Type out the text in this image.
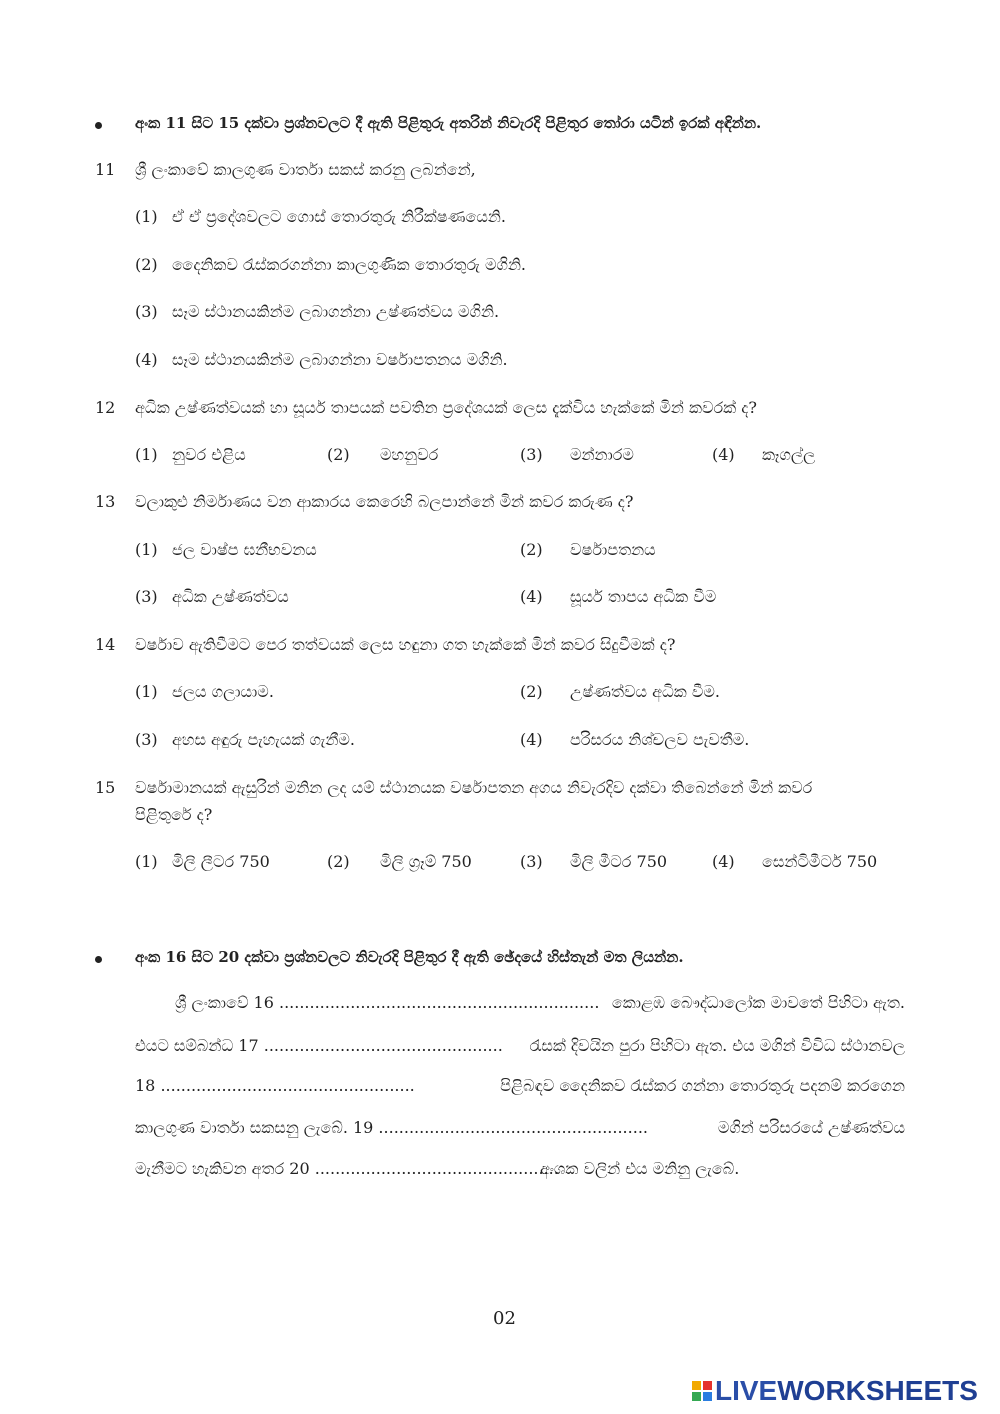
අංක 11 සිට 15 දක්වා ප්‍රශ්නවලට දී ඇති පිළිතුරු අතරින් නිවැරදි පිළිතුර තෝරා යටින් ඉරක් අඳින්න.
11 ශ්‍රී ලංකාවේ කාලගුණ වාර්තා සකස් කරනු ලබන්නේ,
(1) ඒ ඒ ප්‍රදේශවලට ගොස් තොරතුරු නිරීක්ෂණයෙනි.
(2) දෛනිකව රැස්කරගන්නා කාලගුණික තොරතුරු මගිනි.
(3) සෑම ස්ථානයකින්ම ලබාගන්නා උෂ්ණත්වය මගිනි.
(4) සෑම ස්ථානයකින්ම ලබාගන්නා වර්ෂාපතනය මගිනි.
12 අධික උෂ්ණත්වයක් හා සූර්ය තාපයක් පවතින ප්‍රදේශයක් ලෙස දැක්විය හැක්කේ මින් කවරක් ද?
(1) නුවර එළිය	(2) මහනුවර	(3) මන්නාරම	(4) කෑගල්ල
13 වලාකුළු නිර්මාණය වන ආකාරය කෙරෙහි බලපාන්නේ මින් කවර කරුණ ද?
(1) ජල වාෂ්ප ඝනීභවනය	(2) වර්ෂාපතනය
(3) අධික උෂ්ණත්වය	(4) සූර්ය තාපය අධික වීම
14 වර්ෂාව ඇතිවීමට පෙර තත්වයක් ලෙස හඳුනා ගත හැක්කේ මින් කවර සිදුවීමක් ද?
(1) ජලය ගලායාම.	(2) උෂ්ණත්වය අධික වීම.
(3) අහස අඳුරු පැහැයක් ගැනීම.	(4) පරිසරය නිශ්චලව පැවතීම.
15 වර්ෂාමානයක් ඇසුරින් මනින ලද යම් ස්ථානයක වර්ෂාපතන අගය නිවැරදිව දක්වා තිබෙන්නේ මින් කවර
පිළිතුරේ ද?
(1) මිලි ලීටර 750	(2) මිලි ග්‍රෑම් 750	(3) මිලි මීටර 750	(4) සෙන්ටිමීටර් 750
අංක 16 සිට 20 දක්වා ප්‍රශ්නවලට නිවැරදි පිළිතුර දී ඇති ඡේදයේ හිස්තැන් මත ලියන්න.
ශ්‍රී ලංකාවේ 16 ............................................................... කොළඹ බෞද්ධාලෝක මාවතේ පිහිටා ඇත.
එයට සම්බන්ධ 17 ............................................... රැසක් දිවයින පුරා පිහිටා ඇත. එය මගින් විවිධ ස්ථානවල
18 ..................................................	පිළිබඳව දෛනිකව රැස්කර ගන්නා තොරතුරු පදනම් කරගෙන
කාලගුණ වාර්තා සකසනු ලැබේ. 19 .....................................................	මගින් පරිසරයේ උෂ්ණත්වය
මැනීමට හැකිවන අතර 20 ................................................
අංශක වලින් එය මනිනු ලැබේ.
02
LIVEWORKSHEETS
